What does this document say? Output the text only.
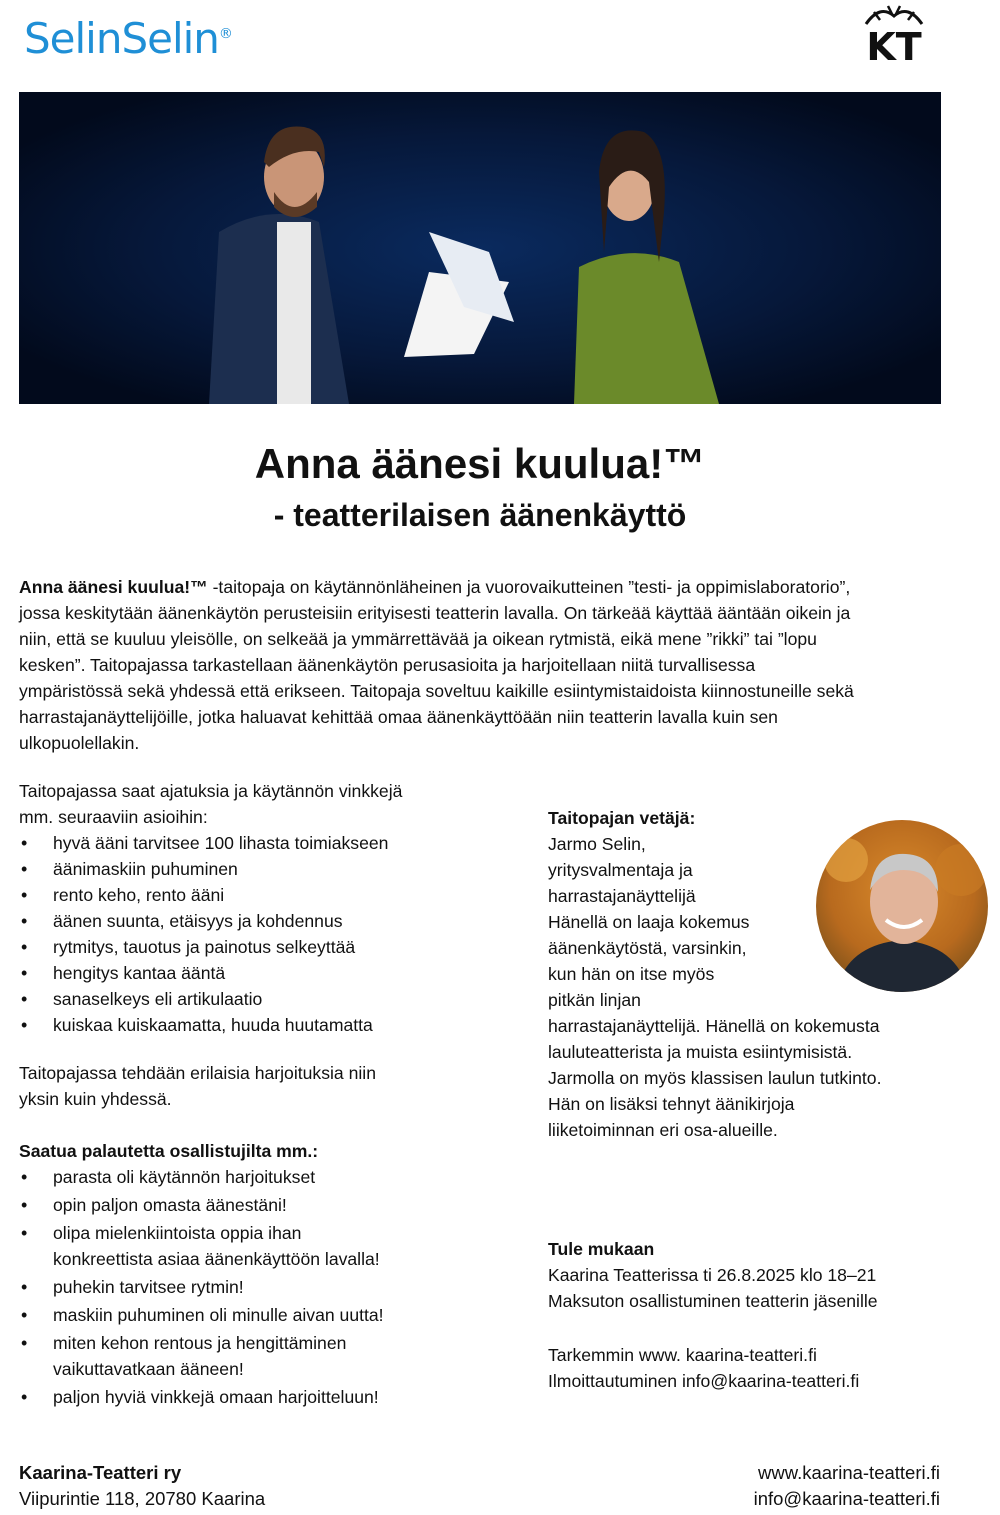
SelinSelin®	KT
Anna äänesi kuulua!™
- teatterilaisen äänenkäyttö
Anna äänesi kuulua!™ -taitopaja on käytännönläheinen ja vuorovaikutteinen ”testi- ja oppimislaboratorio”,
jossa keskitytään äänenkäytön perusteisiin erityisesti teatterin lavalla. On tärkeää käyttää ääntään oikein ja
niin, että se kuuluu yleisölle, on selkeää ja ymmärrettävää ja oikean rytmistä, eikä mene ”rikki” tai ”lopu
kesken”. Taitopajassa tarkastellaan äänenkäytön perusasioita ja harjoitellaan niitä turvallisessa
ympäristössä sekä yhdessä että erikseen. Taitopaja soveltuu kaikille esiintymistaidoista kiinnostuneille sekä
harrastajanäyttelijöille, jotka haluavat kehittää omaa äänenkäyttöään niin teatterin lavalla kuin sen
ulkopuolellakin.
Taitopajassa saat ajatuksia ja käytännön vinkkejä
mm. seuraaviin asioihin:
• hyvä ääni tarvitsee 100 lihasta toimiakseen
• äänimaskiin puhuminen
• rento keho, rento ääni
• äänen suunta, etäisyys ja kohdennus
• rytmitys, tauotus ja painotus selkeyttää
• hengitys kantaa ääntä
• sanaselkeys eli artikulaatio
• kuiskaa kuiskaamatta, huuda huutamatta
Taitopajassa tehdään erilaisia harjoituksia niin
yksin kuin yhdessä.
Saatua palautetta osallistujilta mm.:
• parasta oli käytännön harjoitukset
• opin paljon omasta äänestäni!
• olipa mielenkiintoista oppia ihan
konkreettista asiaa äänenkäyttöön lavalla!
• puhekin tarvitsee rytmin!
• maskiin puhuminen oli minulle aivan uutta!
• miten kehon rentous ja hengittäminen
vaikuttavatkaan ääneen!
• paljon hyviä vinkkejä omaan harjoitteluun!
Taitopajan vetäjä:
Jarmo Selin,
yritysvalmentaja ja
harrastajanäyttelijä
Hänellä on laaja kokemus
äänenkäytöstä, varsinkin,
kun hän on itse myös
pitkän linjan
harrastajanäyttelijä. Hänellä on kokemusta
lauluteatterista ja muista esiintymisistä.
Jarmolla on myös klassisen laulun tutkinto.
Hän on lisäksi tehnyt äänikirjoja
liiketoiminnan eri osa-alueille.
Tule mukaan
Kaarina Teatterissa ti 26.8.2025 klo 18–21
Maksuton osallistuminen teatterin jäsenille
Tarkemmin www. kaarina-teatteri.fi
Ilmoittautuminen info@kaarina-teatteri.fi
Kaarina-Teatteri ry
Viipurintie 118, 20780 Kaarina
www.kaarina-teatteri.fi
info@kaarina-teatteri.fi
